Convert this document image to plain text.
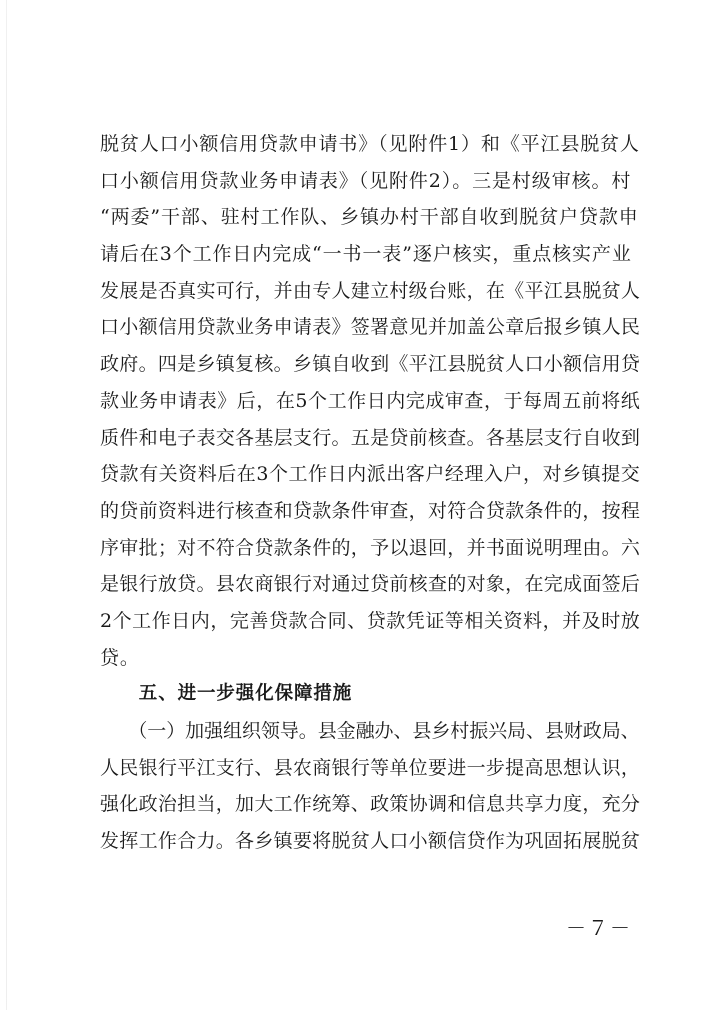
脱贫人口小额信用贷款申请书》（见附件1）和《平江县脱贫人
口小额信用贷款业务申请表》（见附件2）。三是村级审核。村
“两委”干部、驻村工作队、乡镇办村干部自收到脱贫户贷款申
请后在3个工作日内完成“一书一表”逐户核实，重点核实产业
发展是否真实可行，并由专人建立村级台账，在《平江县脱贫人
口小额信用贷款业务申请表》签署意见并加盖公章后报乡镇人民
政府。四是乡镇复核。乡镇自收到《平江县脱贫人口小额信用贷
款业务申请表》后，在5个工作日内完成审查，于每周五前将纸
质件和电子表交各基层支行。五是贷前核查。各基层支行自收到
贷款有关资料后在3个工作日内派出客户经理入户，对乡镇提交
的贷前资料进行核查和贷款条件审查，对符合贷款条件的，按程
序审批；对不符合贷款条件的，予以退回，并书面说明理由。六
是银行放贷。县农商银行对通过贷前核查的对象，在完成面签后
2个工作日内，完善贷款合同、贷款凭证等相关资料，并及时放
贷。
　　五、进一步强化保障措施
　　（一）加强组织领导。县金融办、县乡村振兴局、县财政局、
人民银行平江支行、县农商银行等单位要进一步提高思想认识，
强化政治担当，加大工作统筹、政策协调和信息共享力度，充分
发挥工作合力。各乡镇要将脱贫人口小额信贷作为巩固拓展脱贫
－７－
